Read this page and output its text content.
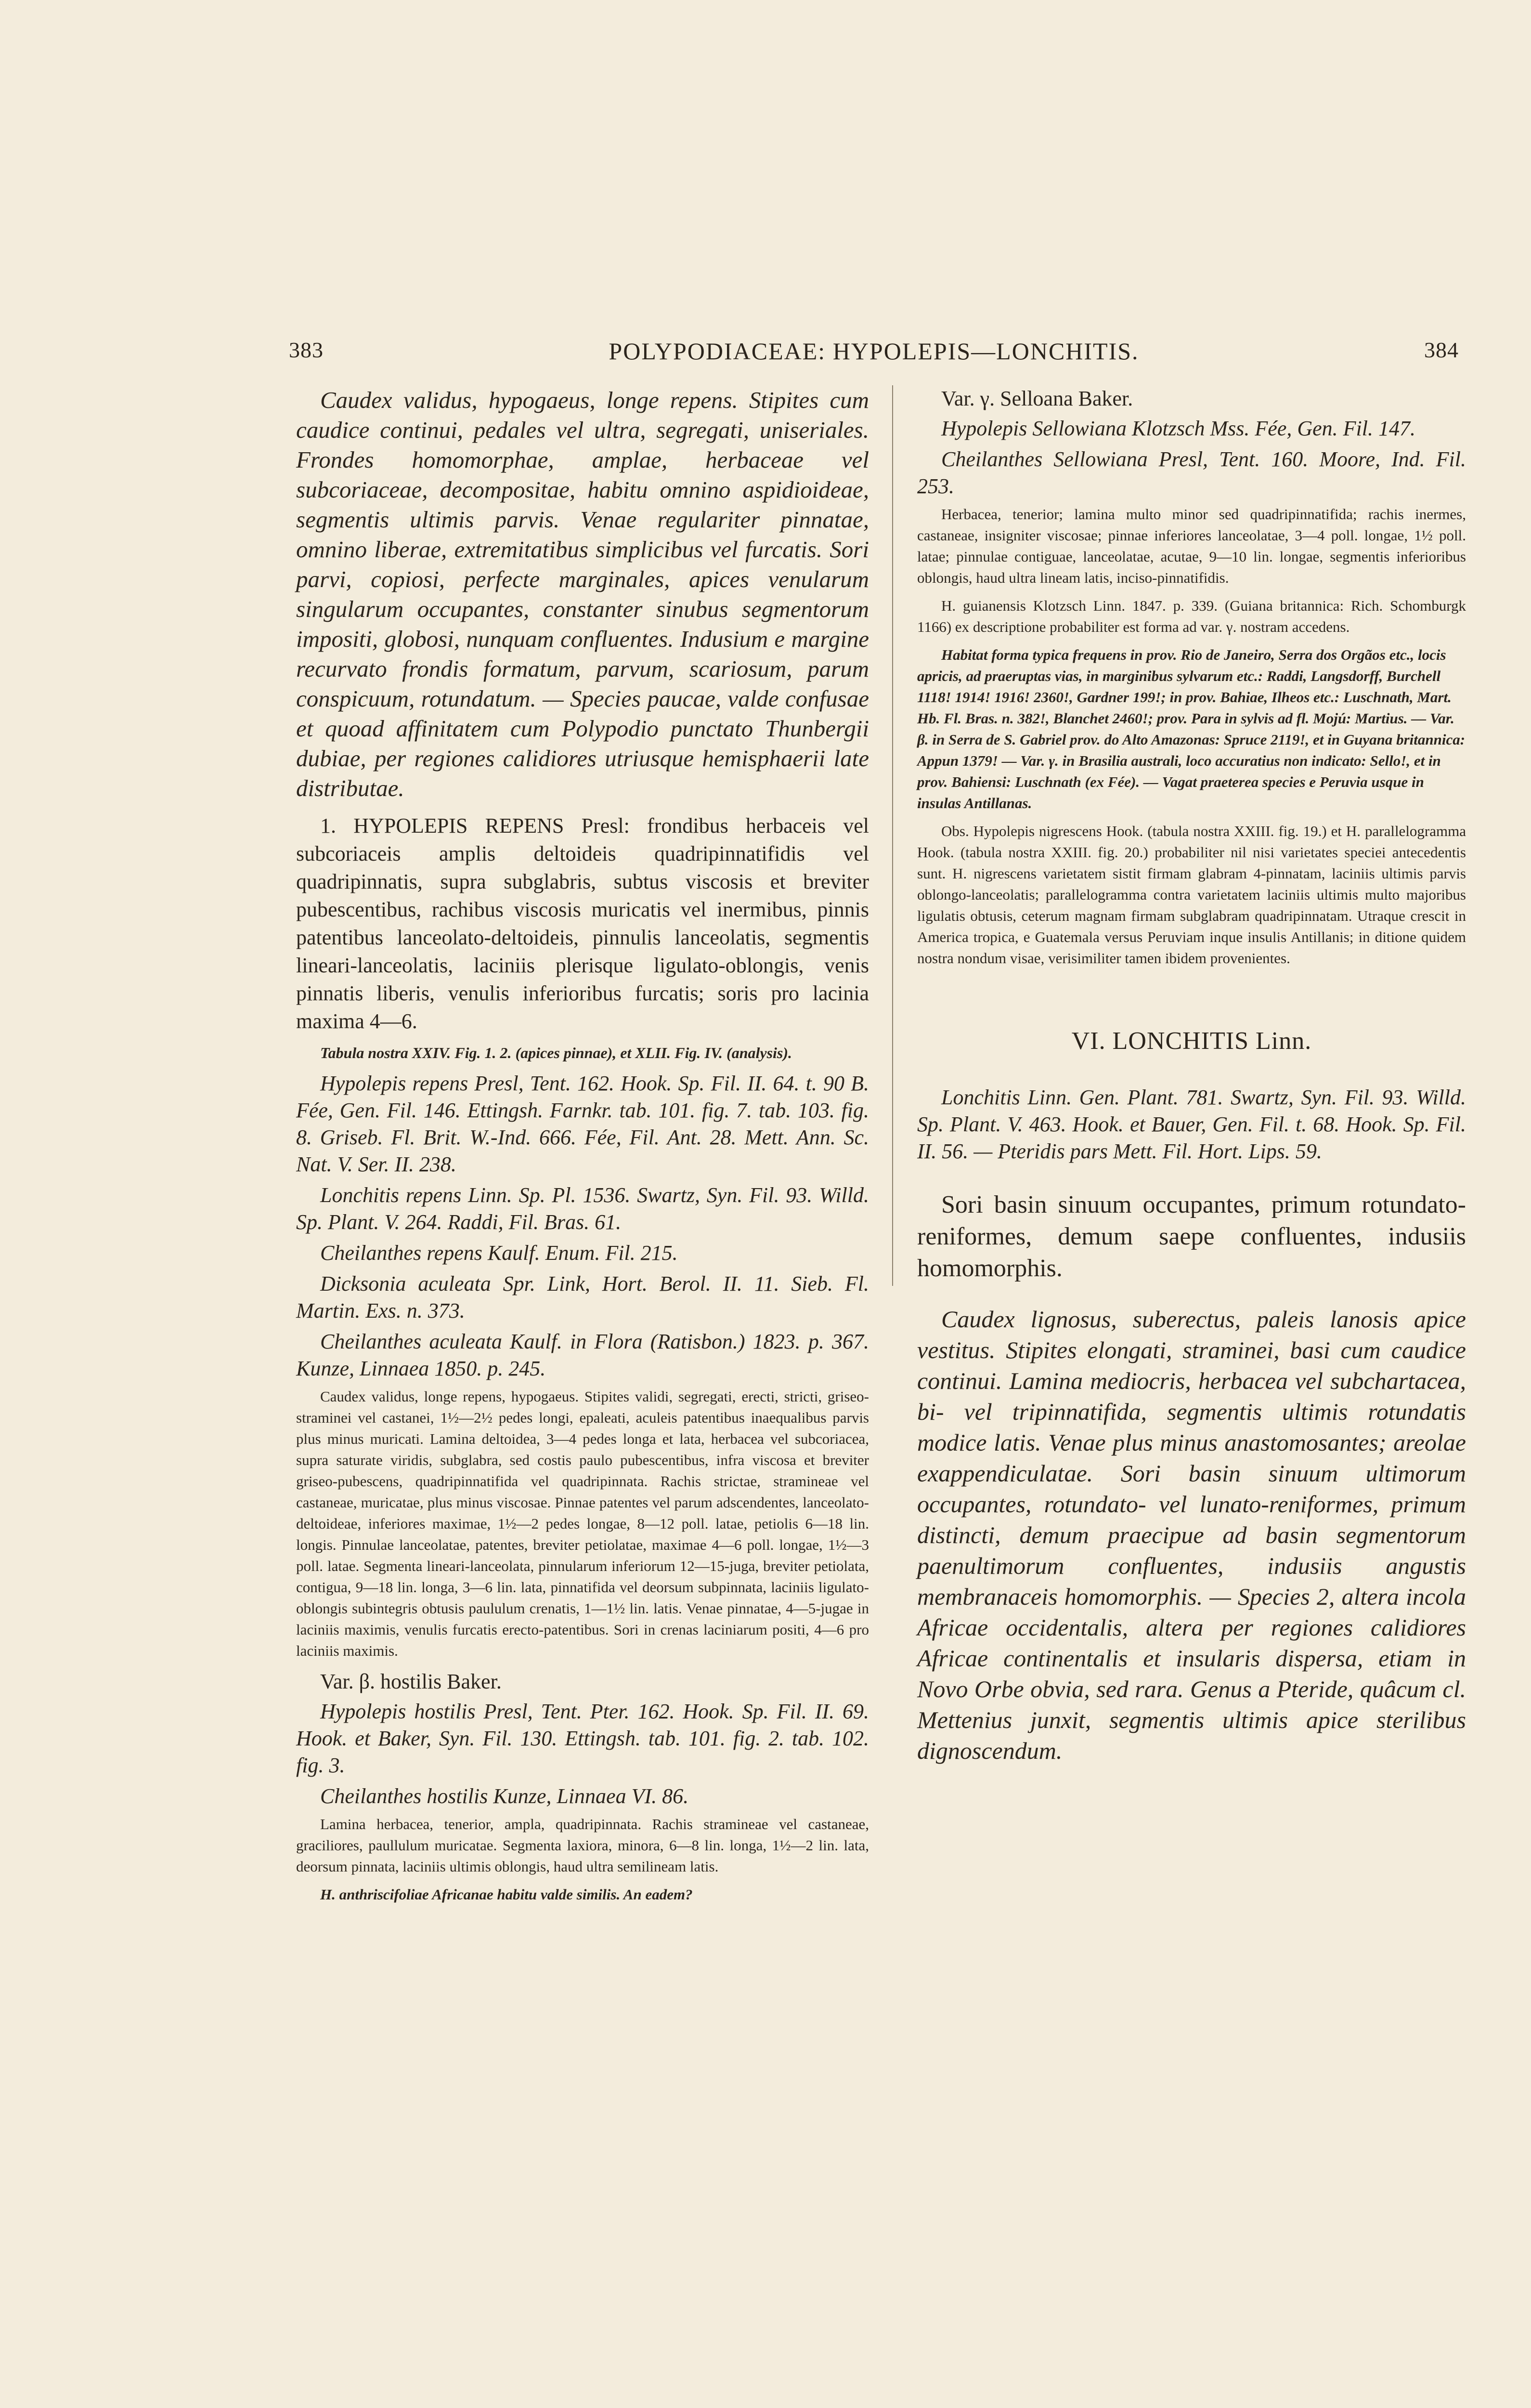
383	POLYPODIACEAE: HYPOLEPIS—LONCHITIS.	384

Caudex validus, hypogaeus, longe repens. Stipites cum caudice continui, pedales vel ultra, segregati, uniseriales. Frondes homomorphae, amplae, herbaceae vel subcoriaceae, decompositae, habitu omnino aspidioideae, segmentis ultimis parvis. Venae regulariter pinnatae, omnino liberae, extremitatibus simplicibus vel furcatis. Sori parvi, copiosi, perfecte marginales, apices venularum singularum occupantes, constanter sinubus segmentorum impositi, globosi, nunquam confluentes. Indusium e margine recurvato frondis formatum, parvum, scariosum, parum conspicuum, rotundatum. — Species paucae, valde confusae et quoad affinitatem cum Polypodio punctato Thunbergii dubiae, per regiones calidiores utriusque hemisphaerii late distributae.

1. HYPOLEPIS REPENS Presl: frondibus herbaceis vel subcoriaceis amplis deltoideis quadripinnatifidis vel quadripinnatis, supra subglabris, subtus viscosis et breviter pubescentibus, rachibus viscosis muricatis vel inermibus, pinnis patentibus lanceolato-deltoideis, pinnulis lanceolatis, segmentis lineari-lanceolatis, laciniis plerisque ligulato-oblongis, venis pinnatis liberis, venulis inferioribus furcatis; soris pro lacinia maxima 4—6.

Tabula nostra XXIV. Fig. 1. 2. (apices pinnae), et XLII. Fig. IV. (analysis).

Hypolepis repens Presl, Tent. 162. Hook. Sp. Fil. II. 64. t. 90 B. Fée, Gen. Fil. 146. Ettingsh. Farnkr. tab. 101. fig. 7. tab. 103. fig. 8. Griseb. Fl. Brit. W.-Ind. 666. Fée, Fil. Ant. 28. Mett. Ann. Sc. Nat. V. Ser. II. 238.

Lonchitis repens Linn. Sp. Pl. 1536. Swartz, Syn. Fil. 93. Willd. Sp. Plant. V. 264. Raddi, Fil. Bras. 61.

Cheilanthes repens Kaulf. Enum. Fil. 215.

Dicksonia aculeata Spr. Link, Hort. Berol. II. 11. Sieb. Fl. Martin. Exs. n. 373.

Cheilanthes aculeata Kaulf. in Flora (Ratisbon.) 1823. p. 367. Kunze, Linnaea 1850. p. 245.

Caudex validus, longe repens, hypogaeus. Stipites validi, segregati, erecti, stricti, griseo-straminei vel castanei, 1½—2½ pedes longi, epaleati, aculeis patentibus inaequalibus parvis plus minus muricati. Lamina deltoidea, 3—4 pedes longa et lata, herbacea vel subcoriacea, supra saturate viridis, subglabra, sed costis paulo pubescentibus, infra viscosa et breviter griseo-pubescens, quadripinnatifida vel quadripinnata. Rachis strictae, stramineae vel castaneae, muricatae, plus minus viscosae. Pinnae patentes vel parum adscendentes, lanceolato-deltoideae, inferiores maximae, 1½—2 pedes longae, 8—12 poll. latae, petiolis 6—18 lin. longis. Pinnulae lanceolatae, patentes, breviter petiolatae, maximae 4—6 poll. longae, 1½—3 poll. latae. Segmenta lineari-lanceolata, pinnularum inferiorum 12—15-juga, breviter petiolata, contigua, 9—18 lin. longa, 3—6 lin. lata, pinnatifida vel deorsum subpinnata, laciniis ligulato-oblongis subintegris obtusis paululum crenatis, 1—1½ lin. latis. Venae pinnatae, 4—5-jugae in laciniis maximis, venulis furcatis erecto-patentibus. Sori in crenas laciniarum positi, 4—6 pro laciniis maximis.

Var. β. hostilis Baker.

Hypolepis hostilis Presl, Tent. Pter. 162. Hook. Sp. Fil. II. 69. Hook. et Baker, Syn. Fil. 130. Ettingsh. tab. 101. fig. 2. tab. 102. fig. 3.

Cheilanthes hostilis Kunze, Linnaea VI. 86.

Lamina herbacea, tenerior, ampla, quadripinnata. Rachis stramineae vel castaneae, graciliores, paullulum muricatae. Segmenta laxiora, minora, 6—8 lin. longa, 1½—2 lin. lata, deorsum pinnata, laciniis ultimis oblongis, haud ultra semilineam latis.

H. anthriscifoliae Africanae habitu valde similis. An eadem?

Var. γ. Selloana Baker.

Hypolepis Sellowiana Klotzsch Mss. Fée, Gen. Fil. 147.

Cheilanthes Sellowiana Presl, Tent. 160. Moore, Ind. Fil. 253.

Herbacea, tenerior; lamina multo minor sed quadripinnatifida; rachis inermes, castaneae, insigniter viscosae; pinnae inferiores lanceolatae, 3—4 poll. longae, 1½ poll. latae; pinnulae contiguae, lanceolatae, acutae, 9—10 lin. longae, segmentis inferioribus oblongis, haud ultra lineam latis, inciso-pinnatifidis.

H. guianensis Klotzsch Linn. 1847. p. 339. (Guiana britannica: Rich. Schomburgk 1166) ex descriptione probabiliter est forma ad var. γ. nostram accedens.

Habitat forma typica frequens in prov. Rio de Janeiro, Serra dos Orgãos etc., locis apricis, ad praeruptas vias, in marginibus sylvarum etc.: Raddi, Langsdorff, Burchell 1118! 1914! 1916! 2360!, Gardner 199!; in prov. Bahiae, Ilheos etc.: Luschnath, Mart. Hb. Fl. Bras. n. 382!, Blanchet 2460!; prov. Para in sylvis ad fl. Mojú: Martius. — Var. β. in Serra de S. Gabriel prov. do Alto Amazonas: Spruce 2119!, et in Guyana britannica: Appun 1379! — Var. γ. in Brasilia australi, loco accuratius non indicato: Sello!, et in prov. Bahiensi: Luschnath (ex Fée). — Vagat praeterea species e Peruvia usque in insulas Antillanas.

Obs. Hypolepis nigrescens Hook. (tabula nostra XXIII. fig. 19.) et H. parallelogramma Hook. (tabula nostra XXIII. fig. 20.) probabiliter nil nisi varietates speciei antecedentis sunt. H. nigrescens varietatem sistit firmam glabram 4-pinnatam, laciniis ultimis parvis oblongo-lanceolatis; parallelogramma contra varietatem laciniis ultimis multo majoribus ligulatis obtusis, ceterum magnam firmam subglabram quadripinnatam. Utraque crescit in America tropica, e Guatemala versus Peruviam inque insulis Antillanis; in ditione quidem nostra nondum visae, verisimiliter tamen ibidem provenientes.

VI. LONCHITIS Linn.

Lonchitis Linn. Gen. Plant. 781. Swartz, Syn. Fil. 93. Willd. Sp. Plant. V. 463. Hook. et Bauer, Gen. Fil. t. 68. Hook. Sp. Fil. II. 56. — Pteridis pars Mett. Fil. Hort. Lips. 59.

Sori basin sinuum occupantes, primum rotundato-reniformes, demum saepe confluentes, indusiis homomorphis.

Caudex lignosus, suberectus, paleis lanosis apice vestitus. Stipites elongati, straminei, basi cum caudice continui. Lamina mediocris, herbacea vel subchartacea, bi- vel tripinnatifida, segmentis ultimis rotundatis modice latis. Venae plus minus anastomosantes; areolae exappendiculatae. Sori basin sinuum ultimorum occupantes, rotundato- vel lunato-reniformes, primum distincti, demum praecipue ad basin segmentorum paenultimorum confluentes, indusiis angustis membranaceis homomorphis. — Species 2, altera incola Africae occidentalis, altera per regiones calidiores Africae continentalis et insularis dispersa, etiam in Novo Orbe obvia, sed rara. Genus a Pteride, quâcum cl. Mettenius junxit, segmentis ultimis apice sterilibus dignoscendum.
